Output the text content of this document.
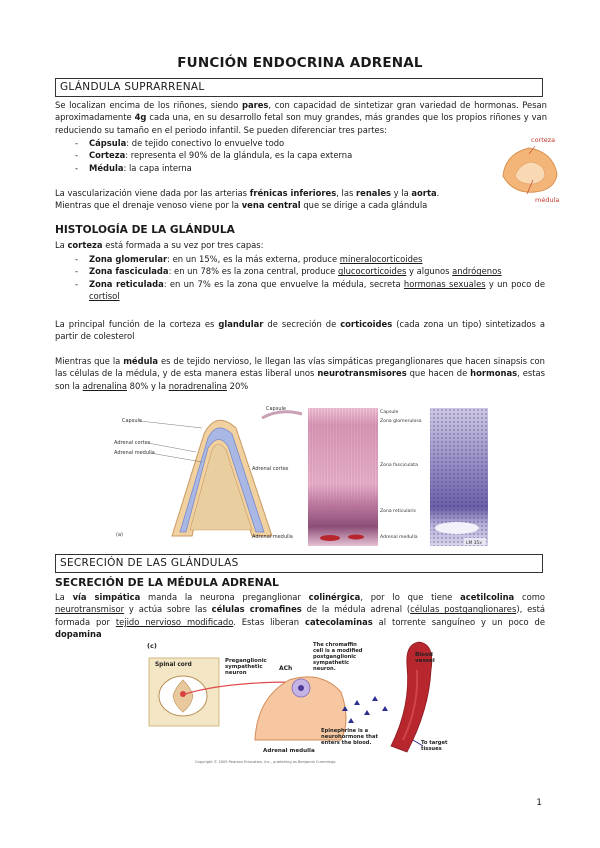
FUNCIÓN ENDOCRINA ADRENAL
GLÁNDULA SUPRARRENAL
Se localizan encima de los riñones, siendo pares, con capacidad de sintetizar gran variedad de hormonas. Pesan aproximadamente 4g cada una, en su desarrollo fetal son muy grandes, más grandes que los propios riñones y van reduciendo su tamaño en el periodo infantil. Se pueden diferenciar tres partes:
- Cápsula: de tejido conectivo lo envuelve todo
- Corteza: representa el 90% de la glándula, es la capa externa
- Médula: la capa interna
corteza
médula
La vascularización viene dada por las arterias frénicas inferiores, las renales y la aorta.
Mientras que el drenaje venoso viene por la vena central que se dirige a cada glándula
HISTOLOGÍA DE LA GLÁNDULA
La corteza está formada a su vez por tres capas:
- Zona glomerular: en un 15%, es la más externa, produce mineralocorticoides
- Zona fasciculada: en un 78% es la zona central, produce glucocorticoides y algunos andrógenos
- Zona reticulada: en un 7% es la zona que envuelve la médula, secreta hormonas sexuales y un poco de cortisol
La principal función de la corteza es glandular de secreción de corticoides (cada zona un tipo) sintetizados a partir de colesterol
Mientras que la médula es de tejido nervioso, le llegan las vías simpáticas preganglionares que hacen sinapsis con las células de la médula, y de esta manera estas liberal unos neurotransmisores que hacen de hormonas, estas son la adrenalina 80% y la noradrenalina 20%
Capsule
Adrenal cortex
Adrenal medulla
(a)
Capsule
Adrenal cortex
Adrenal medulla
Capsule
Zona glomerulosa
Zona fasciculata
Zona reticularis
Adrenal medulla
LM 35x
SECRECIÓN DE LAS GLÁNDULAS
SECRECIÓN DE LA MÉDULA ADRENAL
La vía simpática manda la neurona preganglionar colinérgica, por lo que tiene acetilcolina como neurotransmisor y actúa sobre las células cromafines de la médula adrenal (células postganglionares), está formada por tejido nervioso modificado. Estas liberan catecolaminas al torrente sanguíneo y un poco de dopamina
(c)
Spinal cord
Preganglionic sympathetic neuron
ACh
Adrenal medulla
The chromaffin cell is a modified postganglionic sympathetic neuron.
Blood vessel
To target tissues
Epinephrine is a neurohormone that enters the blood.
Copyright © 2009 Pearson Education, Inc., publishing as Benjamin Cummings.
1
